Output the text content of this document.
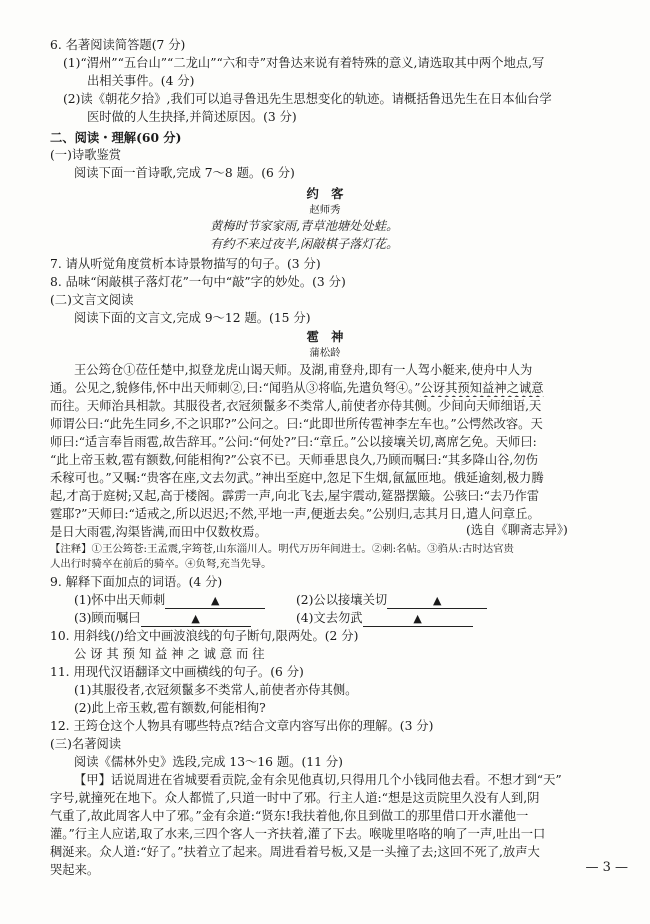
6. 名著阅读简答题(7 分)
(1)“渭州”“五台山”“二龙山”“六和寺”对鲁达来说有着特殊的意义,请选取其中两个地点,写
出相关事件。(4 分)
(2)读《朝花夕拾》,我们可以追寻鲁迅先生思想变化的轨迹。请概括鲁迅先生在日本仙台学
医时做的人生抉择,并简述原因。(3 分)
二、阅读・理解(60 分)
(一)诗歌鉴赏
阅读下面一首诗歌,完成 7～8 题。(6 分)
约　客
赵师秀
黄梅时节家家雨,青草池塘处处蛙。
有约不来过夜半,闲敲棋子落灯花。
7. 请从听觉角度赏析本诗景物描写的句子。(3 分)
8. 品味“闲敲棋子落灯花”一句中“敲”字的妙处。(3 分)
(二)文言文阅读
阅读下面的文言文,完成 9～12 题。(15 分)
雹　神
蒲松龄
王公筠仓①莅任楚中,拟登龙虎山谒天师。及湖,甫登舟,即有一人驾小艇来,使舟中人为
通。公见之,貌修伟,怀中出天师刺②,曰:“闻驺从③将临,先遣负弩④。”公讶其预知益神之诚意
而往。天师治具相款。其服役者,衣冠须鬣多不类常人,前使者亦侍其侧。少间向天师细语,天
师谓公曰:“此先生同乡,不之识耶?”公问之。曰:“此即世所传雹神李左车也。”公愕然改容。天
师曰:“适言奉旨雨雹,故告辞耳。”公问:“何处?”曰:“章丘。”公以接壤关切,离席乞免。天师曰:
“此上帝玉敕,雹有额数,何能相徇?”公哀不已。天师垂思良久,乃顾而嘱曰:“其多降山谷,勿伤
禾稼可也。”又嘱:“贵客在座,文去勿武。”神出至庭中,忽足下生烟,氤氲匝地。俄延逾刻,极力腾
起,才高于庭树;又起,高于楼阁。霹雳一声,向北飞去,屋宇震动,筵器摆簸。公骇曰:“去乃作雷
霆耶?”天师曰:“适戒之,所以迟迟;不然,平地一声,便逝去矣。”公别归,志其月日,遣人问章丘。
是日大雨雹,沟渠皆满,而田中仅数枚焉。	(选自《聊斋志异》)
【注释】①王公筠苍:王孟震,字筠苍,山东淄川人。明代万历年间进士。②刺:名帖。③驺从:古时达官贵
人出行时骑卒在前后的骑卒。④负弩,充当先导。
9. 解释下面加点的词语。(4 分)
(1)怀中出天师刺	▲	(2)公以接壤关切	▲
(3)顾而嘱曰	▲	(4)文去勿武	▲
10. 用斜线(/)给文中画波浪线的句子断句,限两处。(2 分)
公 讶 其 预 知 益 神 之 诚 意 而 往
11. 用现代汉语翻译文中画横线的句子。(6 分)
(1)其服役者,衣冠须鬣多不类常人,前使者亦侍其侧。
(2)此上帝玉敕,雹有额数,何能相徇?
12. 王筠仓这个人物具有哪些特点?结合文章内容写出你的理解。(3 分)
(三)名著阅读
阅读《儒林外史》选段,完成 13～16 题。(11 分)
【甲】话说周进在省城要看贡院,金有余见他真切,只得用几个小钱同他去看。不想才到“天”
字号,就撞死在地下。众人都慌了,只道一时中了邪。行主人道:“想是这贡院里久没有人到,阴
气重了,故此周客人中了邪。”金有余道:“贤东!我扶着他,你且到做工的那里借口开水灌他一
灌。”行主人应诺,取了水来,三四个客人一齐扶着,灌了下去。喉咙里咯咯的响了一声,吐出一口
稠涎来。众人道:“好了。”扶着立了起来。周进看着号板,又是一头撞了去;这回不死了,放声大
哭起来。	— 3 —
